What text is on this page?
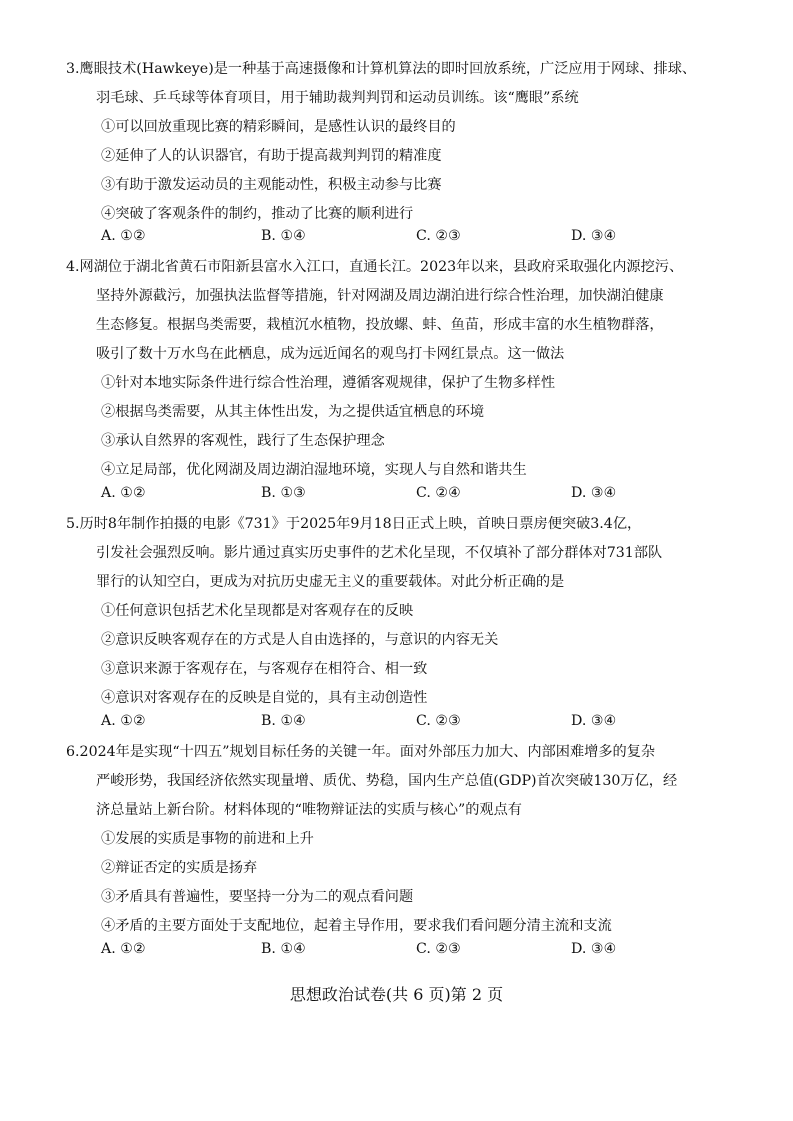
3.鹰眼技术(Hawkeye)是一种基于高速摄像和计算机算法的即时回放系统，广泛应用于网球、排球、
羽毛球、乒乓球等体育项目，用于辅助裁判判罚和运动员训练。该“鹰眼”系统
①可以回放重现比赛的精彩瞬间，是感性认识的最终目的
②延伸了人的认识器官，有助于提高裁判判罚的精准度
③有助于激发运动员的主观能动性，积极主动参与比赛
④突破了客观条件的制约，推动了比赛的顺利进行
A. ①②	B. ①④	C. ②③	D. ③④
4.网湖位于湖北省黄石市阳新县富水入江口，直通长江。2023年以来，县政府采取强化内源挖污、
坚持外源截污，加强执法监督等措施，针对网湖及周边湖泊进行综合性治理，加快湖泊健康
生态修复。根据鸟类需要，栽植沉水植物，投放螺、蚌、鱼苗，形成丰富的水生植物群落，
吸引了数十万水鸟在此栖息，成为远近闻名的观鸟打卡网红景点。这一做法
①针对本地实际条件进行综合性治理，遵循客观规律，保护了生物多样性
②根据鸟类需要，从其主体性出发，为之提供适宜栖息的环境
③承认自然界的客观性，践行了生态保护理念
④立足局部，优化网湖及周边湖泊湿地环境，实现人与自然和谐共生
A. ①②	B. ①③	C. ②④	D. ③④
5.历时8年制作拍摄的电影《731》于2025年9月18日正式上映，首映日票房便突破3.4亿，
引发社会强烈反响。影片通过真实历史事件的艺术化呈现，不仅填补了部分群体对731部队
罪行的认知空白，更成为对抗历史虚无主义的重要载体。对此分析正确的是
①任何意识包括艺术化呈现都是对客观存在的反映
②意识反映客观存在的方式是人自由选择的，与意识的内容无关
③意识来源于客观存在，与客观存在相符合、相一致
④意识对客观存在的反映是自觉的，具有主动创造性
A. ①②	B. ①④	C. ②③	D. ③④
6.2024年是实现“十四五”规划目标任务的关键一年。面对外部压力加大、内部困难增多的复杂
严峻形势，我国经济依然实现量增、质优、势稳，国内生产总值(GDP)首次突破130万亿，经
济总量站上新台阶。材料体现的“唯物辩证法的实质与核心”的观点有
①发展的实质是事物的前进和上升
②辩证否定的实质是扬弃
③矛盾具有普遍性，要坚持一分为二的观点看问题
④矛盾的主要方面处于支配地位，起着主导作用，要求我们看问题分清主流和支流
A. ①②	B. ①④	C. ②③	D. ③④
思想政治试卷(共 6 页)第 2 页
